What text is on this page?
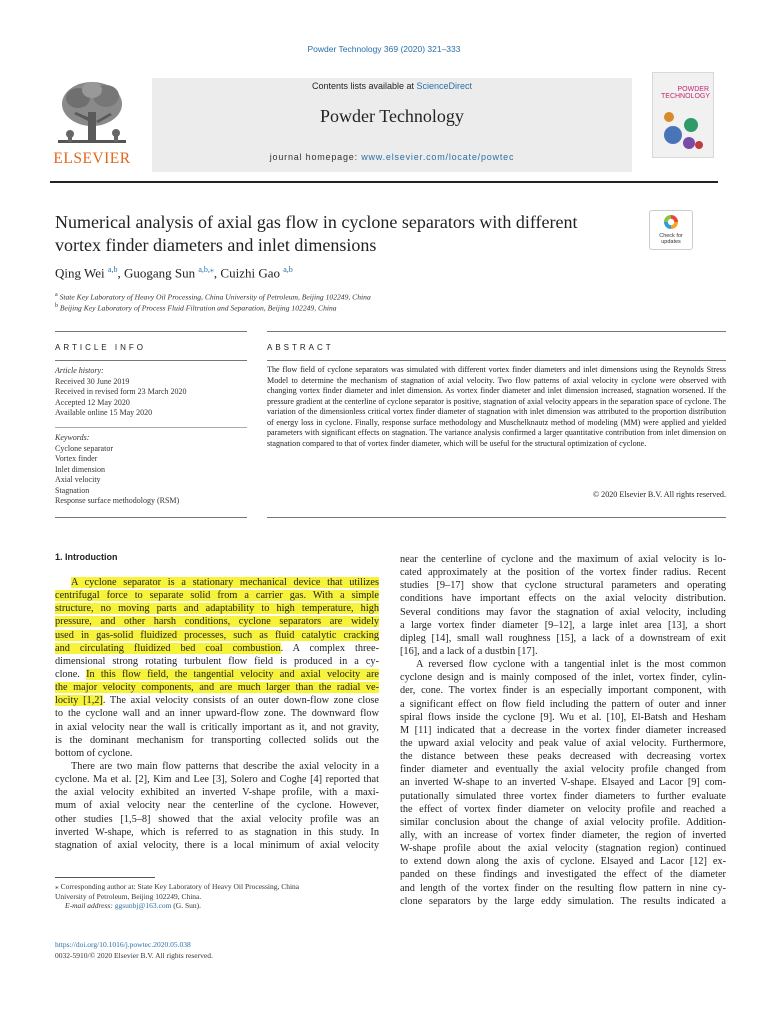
Powder Technology 369 (2020) 321–333
ELSEVIER
Contents lists available at ScienceDirect
Powder Technology
journal homepage: www.elsevier.com/locate/powtec
POWDER
TECHNOLOGY
Numerical analysis of axial gas flow in cyclone separators with different
vortex finder diameters and inlet dimensions	Check for
updates
Qing Wei $^{a,b}$, Guogang Sun $^{a,b,⁎}$, Cuizhi Gao $^{a,b}$
$^a$ State Key Laboratory of Heavy Oil Processing, China University of Petroleum, Beijing 102249, China
$^b$ Beijing Key Laboratory of Process Fluid Filtration and Separation, Beijing 102249, China
ARTICLE INFO	ABSTRACT
Article history:
Received 30 June 2019
Received in revised form 23 March 2020
Accepted 12 May 2020
Available online 15 May 2020
Keywords:
Cyclone separator
Vortex finder
Inlet dimension
Axial velocity
Stagnation
Response surface methodology (RSM)
The flow field of cyclone separators was simulated with different vortex finder diameters and inlet dimensions using the Reynolds Stress Model to determine the mechanism of stagnation of axial velocity. Two flow patterns of axial velocity in cyclone were observed with changing vortex finder diameter and inlet dimension. As vortex finder diameter and inlet dimension increased, stagnation worsened. If the pressure gradient at the centerline of cyclone separator is positive, stagnation of axial velocity appears in the separation space of cyclone. The variation of the dimensionless critical vortex finder diameter of stagnation with inlet dimension was attributed to the proportion distribution of energy loss in cyclone. Finally, response surface methodology and Muschelknautz method of modeling (MM) were applied and yielded parameters with significant effects on stagnation. The variance analysis confirmed a larger quantitative contribution from inlet dimension on stagnation compared to that of vortex finder diameter, which will be useful for the structural optimization of cyclone.
© 2020 Elsevier B.V. All rights reserved.
1. Introduction
A cyclone separator is a stationary mechanical device that utilizes
centrifugal force to separate solid from a carrier gas. With a simple
structure, no moving parts and adaptability to high temperature, high
pressure, and other harsh conditions, cyclone separators are widely
used in gas-solid fluidized processes, such as fluid catalytic cracking
and circulating fluidized bed coal combustion. A complex three-
dimensional strong rotating turbulent flow field is produced in a cy-
clone. In this flow field, the tangential velocity and axial velocity are
the major velocity components, and are much larger than the radial ve-
locity [1,2]. The axial velocity consists of an outer down-flow zone close
to the cyclone wall and an inner upward-flow zone. The downward flow
in axial velocity near the wall is critically important as it, and not gravity,
is the dominant mechanism for transporting collected solids out the
bottom of cyclone.
There are two main flow patterns that describe the axial velocity in a
cyclone. Ma et al. [2], Kim and Lee [3], Solero and Coghe [4] reported that
the axial velocity exhibited an inverted V-shape profile, with a maxi-
mum of axial velocity near the centerline of the cyclone. However,
other studies [1,5–8] showed that the axial velocity profile was an
inverted W-shape, which is referred to as stagnation in this study. In
stagnation of axial velocity, there is a local minimum of axial velocity
near the centerline of cyclone and the maximum of axial velocity is lo-
cated approximately at the position of the vortex finder radius. Recent
studies [9–17] show that cyclone structural parameters and operating
conditions have important effects on the axial velocity distribution.
Several conditions may favor the stagnation of axial velocity, including
a large vortex finder diameter [9–12], a large inlet area [13], a short
dipleg [14], small wall roughness [15], a lack of a downstream of exit
[16], and a lack of a dustbin [17].
A reversed flow cyclone with a tangential inlet is the most common
cyclone design and is mainly composed of the inlet, vortex finder, cylin-
der, cone. The vortex finder is an especially important component, with
a significant effect on flow field including the pattern of outer and inner
spiral flows inside the cyclone [9]. Wu et al. [10], El-Batsh and Hesham
M [11] indicated that a decrease in the vortex finder diameter increased
the upward axial velocity and peak value of axial velocity. Furthermore,
the distance between these peaks decreased with decreasing vortex
finder diameter and eventually the axial velocity profile changed from
an inverted W-shape to an inverted V-shape. Elsayed and Lacor [9] com-
putationally simulated three vortex finder diameters to further evaluate
the effect of vortex finder diameter on velocity profile and reached a
similar conclusion about the change of axial velocity profile. Addition-
ally, with an increase of vortex finder diameter, the region of inverted
W-shape profile about the axial velocity (stagnation region) continued
to extend down along the axis of cyclone. Elsayed and Lacor [12] ex-
panded on these findings and investigated the effect of the diameter
and length of the vortex finder on the resulting flow pattern in nine cy-
clone separators by the large eddy simulation. The results indicated a
⁎ Corresponding author at: State Key Laboratory of Heavy Oil Processing, China
University of Petroleum, Beijing 102249, China.
E-mail address: ggsunbj@163.com (G. Sun).
https://doi.org/10.1016/j.powtec.2020.05.038
0032-5910/© 2020 Elsevier B.V. All rights reserved.
